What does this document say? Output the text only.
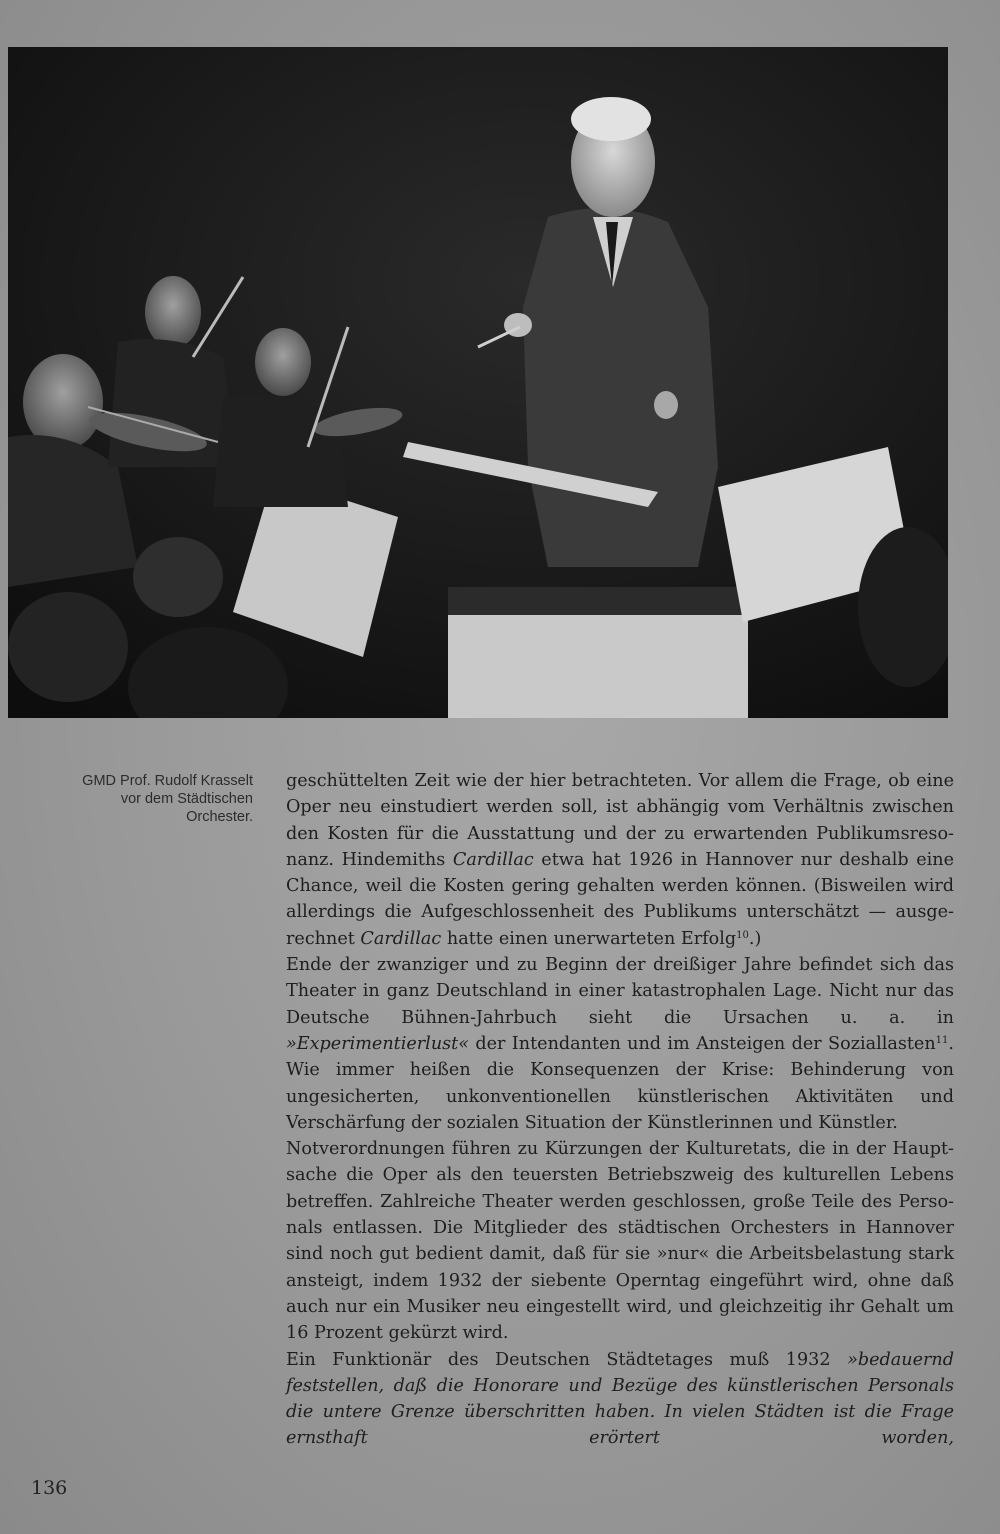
GMD Prof. Rudolf Krasselt
vor dem Städtischen
Orchester.

geschüttelten Zeit wie der hier betrachteten. Vor allem die Frage, ob eine Oper neu einstudiert werden soll, ist abhängig vom Verhältnis zwischen den Kosten für die Ausstattung und der zu erwartenden Publikumsresonanz. Hindemiths Cardillac etwa hat 1926 in Hannover nur deshalb eine Chance, weil die Kosten gering gehalten werden können. (Bisweilen wird allerdings die Aufgeschlossenheit des Publikums unterschätzt — ausgerechnet Cardillac hatte einen unerwarteten Erfolg$^{10}$.)

Ende der zwanziger und zu Beginn der dreißiger Jahre befindet sich das Theater in ganz Deutschland in einer katastrophalen Lage. Nicht nur das Deutsche Bühnen-Jahrbuch sieht die Ursachen u. a. in »Experimentierlust« der Intendanten und im Ansteigen der Soziallasten$^{11}$. Wie immer heißen die Konsequenzen der Krise: Behinderung von ungesicherten, unkonventionellen künstlerischen Aktivitäten und Verschärfung der sozialen Situation der Künstlerinnen und Künstler.

Notverordnungen führen zu Kürzungen der Kulturetats, die in der Hauptsache die Oper als den teuersten Betriebszweig des kulturellen Lebens betreffen. Zahlreiche Theater werden geschlossen, große Teile des Personals entlassen. Die Mitglieder des städtischen Orchesters in Hannover sind noch gut bedient damit, daß für sie »nur« die Arbeitsbelastung stark ansteigt, indem 1932 der siebente Operntag eingeführt wird, ohne daß auch nur ein Musiker neu eingestellt wird, und gleichzeitig ihr Gehalt um 16 Prozent gekürzt wird.

Ein Funktionär des Deutschen Städtetages muß 1932 »bedauernd feststellen, daß die Honorare und Bezüge des künstlerischen Personals die untere Grenze überschritten haben. In vielen Städten ist die Frage ernsthaft erörtert worden,

136
